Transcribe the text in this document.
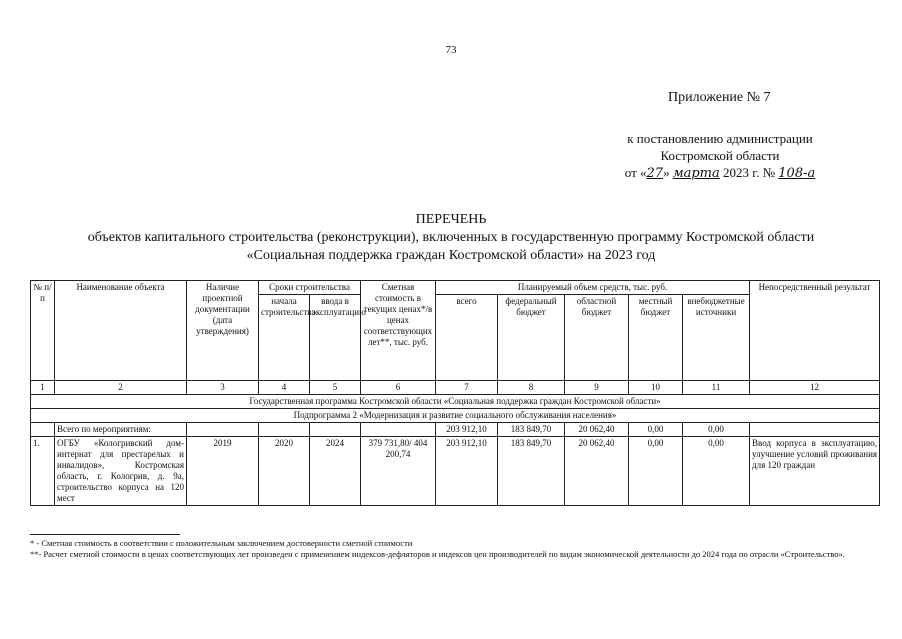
73
Приложение № 7
к постановлению администрации
Костромской области
от «27» марта 2023 г. № 108-а
ПЕРЕЧЕНЬ
объектов капитального строительства (реконструкции), включенных в государственную программу Костромской области
«Социальная поддержка граждан Костромской области» на 2023 год
№ п/п	Наименование объекта	Наличие проектной документации (дата утверждения)	Сроки строительства		Сметная стоимость в текущих ценах*/в ценах соответствующих лет**, тыс. руб.	Планируемый объем средств, тыс. руб.					Непосредственный результат
			начала строительства	ввода в эксплуатацию		всего	федеральный бюджет	областной бюджет	местный бюджет	внебюджетные источники	
1	2	3	4	5	6	7	8	9	10	11	12
Государственная программа Костромской области «Социальная поддержка граждан Костромской области»											
Подпрограмма 2 «Модернизация и развитие социального обслуживания населения»											
	Всего по мероприятиям:					203 912,10	183 849,70	20 062,40	0,00	0,00	
1.	ОГБУ «Кологривский дом-интернат для престарелых и инвалидов», Костромская область, г. Кологрив, д. 9а, строительство корпуса на 120 мест	2019	2020	2024	379 731,80/ 404 200,74	203 912,10	183 849,70	20 062,40	0,00	0,00	Ввод корпуса в эксплуатацию, улучшение условий проживания для 120 граждан
* - Сметная стоимость в соответствии с положительным заключением достоверности сметной стоимости
**- Расчет сметной стоимости в ценах соответствующих лет произведен с применением индексов-дефляторов и индексов цен производителей по видам экономической деятельности до 2024 года по отрасли «Строительство».
